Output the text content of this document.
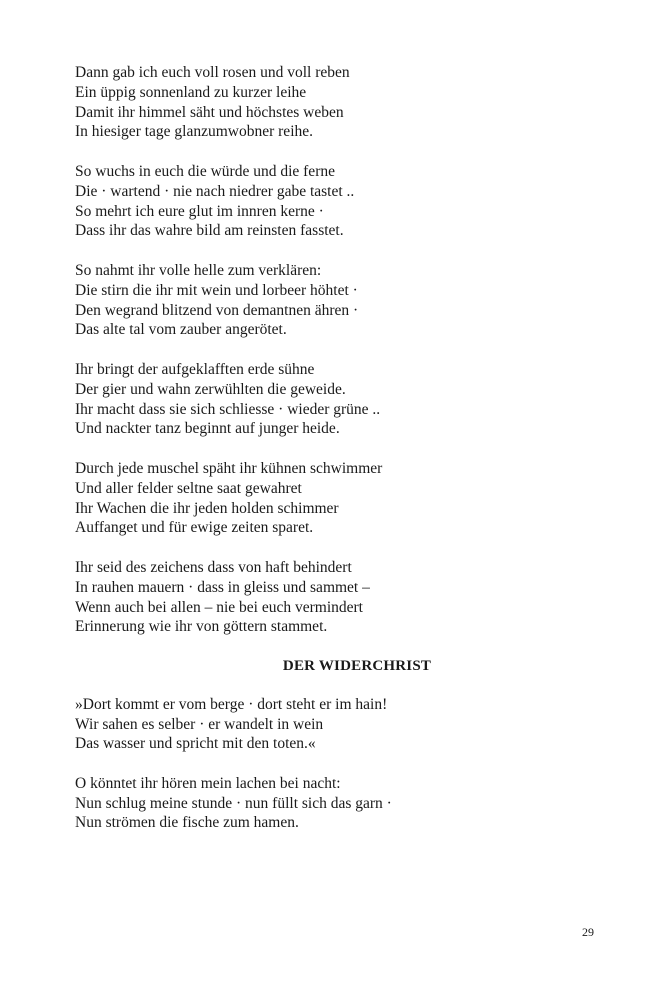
Dann gab ich euch voll rosen und voll reben
Ein üppig sonnenland zu kurzer leihe
Damit ihr himmel säht und höchstes weben
In hiesiger tage glanzumwobner reihe.
So wuchs in euch die würde und die ferne
Die · wartend · nie nach niedrer gabe tastet ..
So mehrt ich eure glut im innren kerne ·
Dass ihr das wahre bild am reinsten fasstet.
So nahmt ihr volle helle zum verklären:
Die stirn die ihr mit wein und lorbeer höhtet ·
Den wegrand blitzend von demantnen ähren ·
Das alte tal vom zauber angerötet.
Ihr bringt der aufgeklafften erde sühne
Der gier und wahn zerwühlten die geweide.
Ihr macht dass sie sich schliesse · wieder grüne ..
Und nackter tanz beginnt auf junger heide.
Durch jede muschel späht ihr kühnen schwimmer
Und aller felder seltne saat gewahret
Ihr Wachen die ihr jeden holden schimmer
Auffanget und für ewige zeiten sparet.
Ihr seid des zeichens dass von haft behindert
In rauhen mauern · dass in gleiss und sammet –
Wenn auch bei allen – nie bei euch vermindert
Erinnerung wie ihr von göttern stammet.
DER WIDERCHRIST
»Dort kommt er vom berge · dort steht er im hain!
Wir sahen es selber · er wandelt in wein
Das wasser und spricht mit den toten.«
O könntet ihr hören mein lachen bei nacht:
Nun schlug meine stunde · nun füllt sich das garn ·
Nun strömen die fische zum hamen.
29
